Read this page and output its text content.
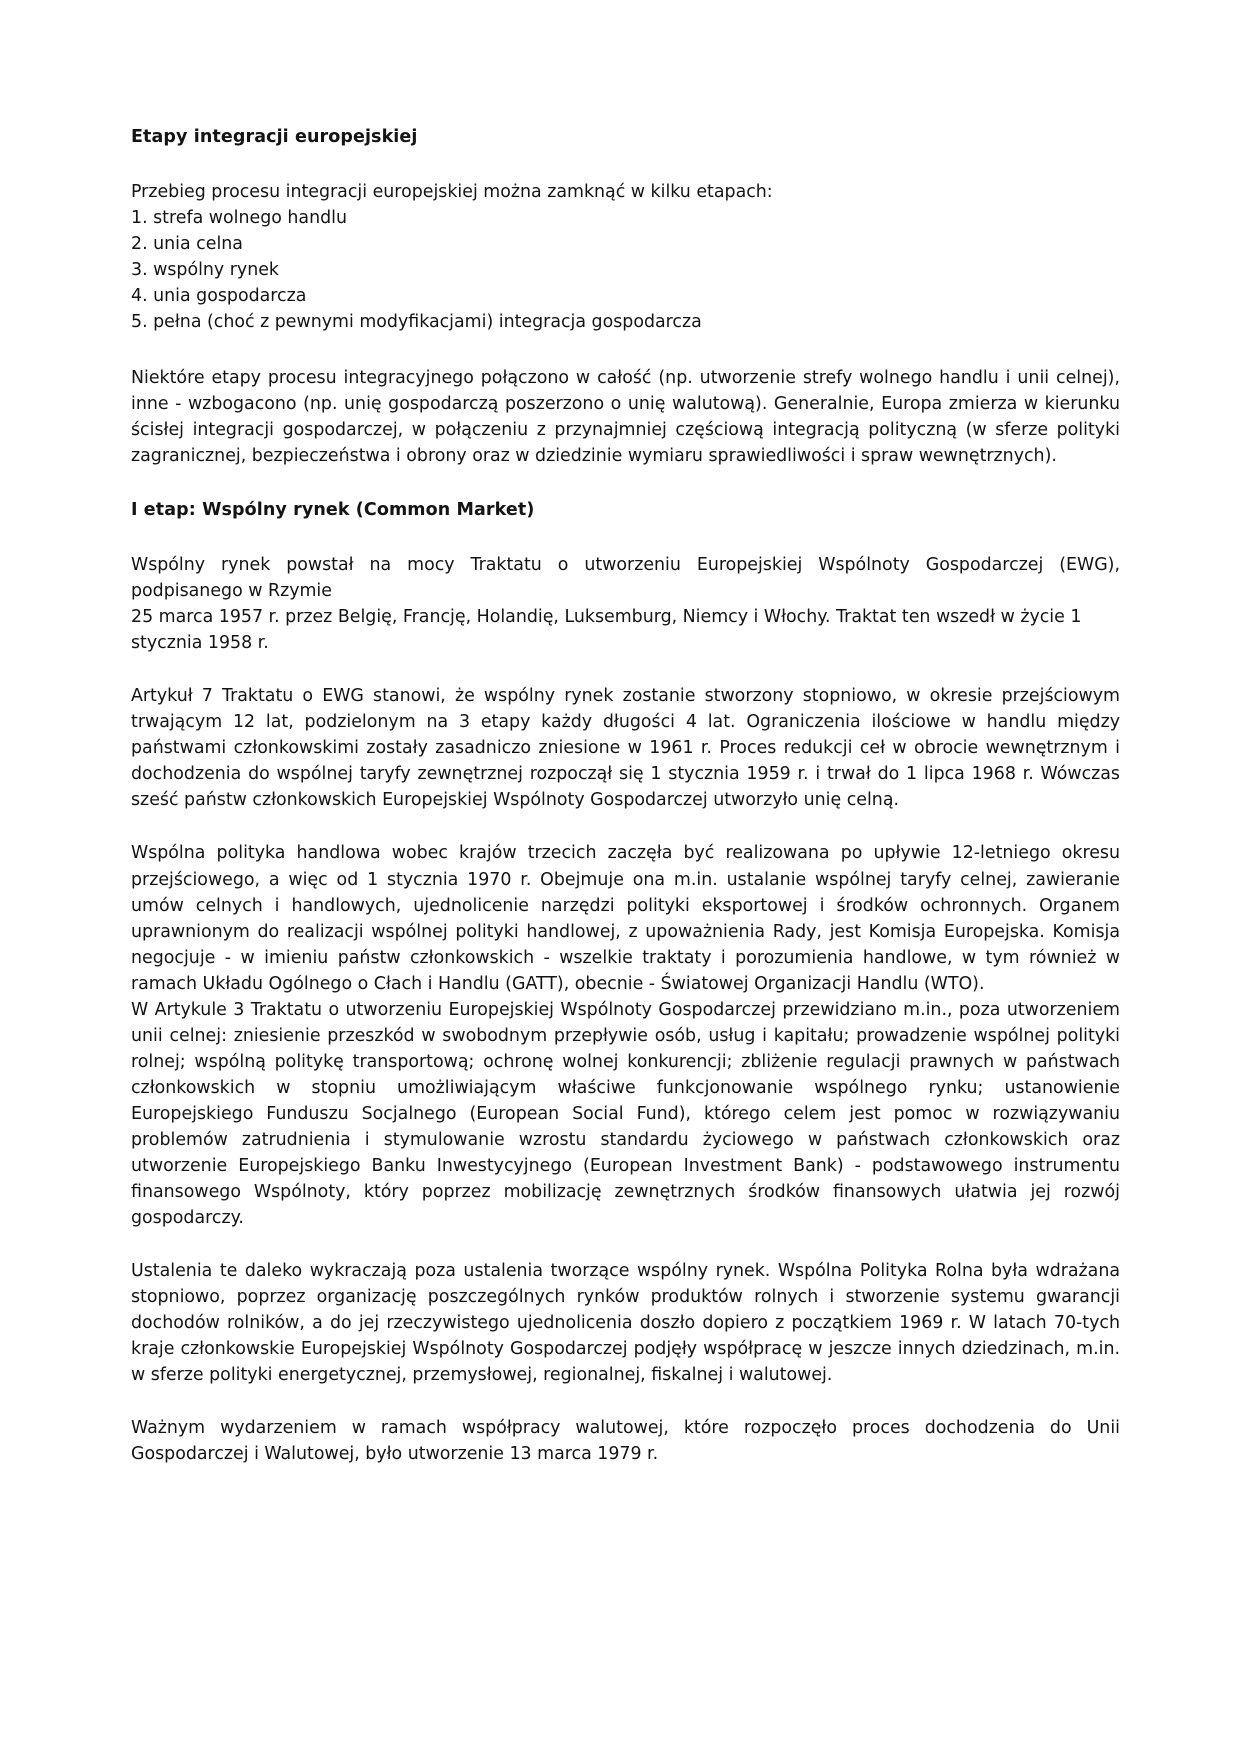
Etapy integracji europejskiej
Przebieg procesu integracji europejskiej można zamknąć w kilku etapach:
1. strefa wolnego handlu
2. unia celna
3. wspólny rynek
4. unia gospodarcza
5. pełna (choć z pewnymi modyfikacjami) integracja gospodarcza

Niektóre etapy procesu integracyjnego połączono w całość (np. utworzenie strefy wolnego handlu i unii celnej), inne - wzbogacono (np. unię gospodarczą poszerzono o unię walutową). Generalnie, Europa zmierza w kierunku ścisłej integracji gospodarczej, w połączeniu z przynajmniej częściową integracją polityczną (w sferze polityki zagranicznej, bezpieczeństwa i obrony oraz w dziedzinie wymiaru sprawiedliwości i spraw wewnętrznych).

I etap: Wspólny rynek (Common Market)

Wspólny rynek powstał na mocy Traktatu o utworzeniu Europejskiej Wspólnoty Gospodarczej (EWG), podpisanego w Rzymie

25 marca 1957 r. przez Belgię, Francję, Holandię, Luksemburg, Niemcy i Włochy. Traktat ten wszedł w życie 1 stycznia 1958 r.

Artykuł 7 Traktatu o EWG stanowi, że wspólny rynek zostanie stworzony stopniowo, w okresie przejściowym trwającym 12 lat, podzielonym na 3 etapy każdy długości 4 lat. Ograniczenia ilościowe w handlu między państwami członkowskimi zostały zasadniczo zniesione w 1961 r. Proces redukcji ceł w obrocie wewnętrznym i dochodzenia do wspólnej taryfy zewnętrznej rozpoczął się 1 stycznia 1959 r. i trwał do 1 lipca 1968 r. Wówczas sześć państw członkowskich Europejskiej Wspólnoty Gospodarczej utworzyło unię celną.

Wspólna polityka handlowa wobec krajów trzecich zaczęła być realizowana po upływie 12-letniego okresu przejściowego, a więc od 1 stycznia 1970 r. Obejmuje ona m.in. ustalanie wspólnej taryfy celnej, zawieranie umów celnych i handlowych, ujednolicenie narzędzi polityki eksportowej i środków ochronnych. Organem uprawnionym do realizacji wspólnej polityki handlowej, z upoważnienia Rady, jest Komisja Europejska. Komisja negocjuje - w imieniu państw członkowskich - wszelkie traktaty i porozumienia handlowe, w tym również w ramach Układu Ogólnego o Cłach i Handlu (GATT), obecnie - Światowej Organizacji Handlu (WTO).

W Artykule 3 Traktatu o utworzeniu Europejskiej Wspólnoty Gospodarczej przewidziano m.in., poza utworzeniem unii celnej: zniesienie przeszkód w swobodnym przepływie osób, usług i kapitału; prowadzenie wspólnej polityki rolnej; wspólną politykę transportową; ochronę wolnej konkurencji; zbliżenie regulacji prawnych w państwach członkowskich w stopniu umożliwiającym właściwe funkcjonowanie wspólnego rynku; ustanowienie Europejskiego Funduszu Socjalnego (European Social Fund), którego celem jest pomoc w rozwiązywaniu problemów zatrudnienia i stymulowanie wzrostu standardu życiowego w państwach członkowskich oraz utworzenie Europejskiego Banku Inwestycyjnego (European Investment Bank) - podstawowego instrumentu finansowego Wspólnoty, który poprzez mobilizację zewnętrznych środków finansowych ułatwia jej rozwój gospodarczy.

Ustalenia te daleko wykraczają poza ustalenia tworzące wspólny rynek. Wspólna Polityka Rolna była wdrażana stopniowo, poprzez organizację poszczególnych rynków produktów rolnych i stworzenie systemu gwarancji dochodów rolników, a do jej rzeczywistego ujednolicenia doszło dopiero z początkiem 1969 r. W latach 70-tych kraje członkowskie Europejskiej Wspólnoty Gospodarczej podjęły współpracę w jeszcze innych dziedzinach, m.in. w sferze polityki energetycznej, przemysłowej, regionalnej, fiskalnej i walutowej.

Ważnym wydarzeniem w ramach współpracy walutowej, które rozpoczęło proces dochodzenia do Unii Gospodarczej i Walutowej, było utworzenie 13 marca 1979 r.
